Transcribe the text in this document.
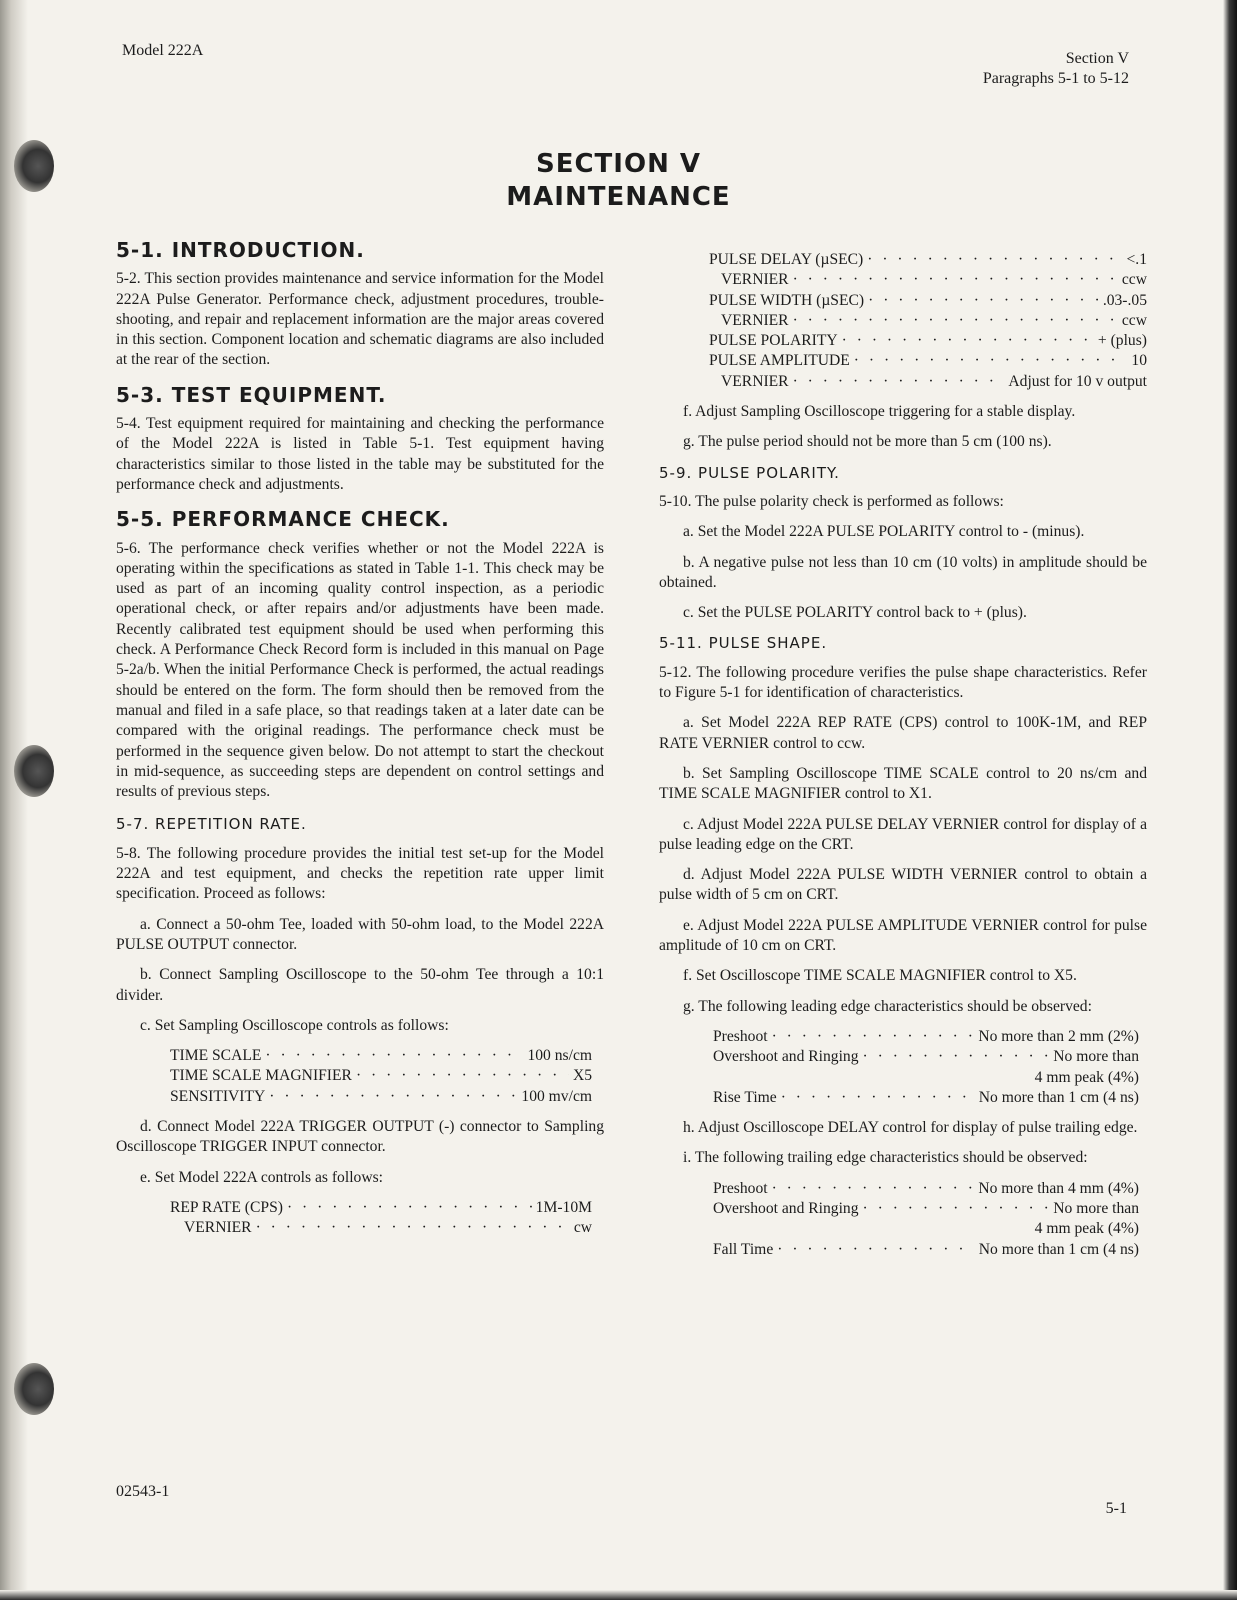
Model 222A	Section V
Paragraphs 5-1 to 5-12
SECTION V
MAINTENANCE
5-1. INTRODUCTION.

5-2. This section provides maintenance and service information for the Model 222A Pulse Generator. Performance check, adjustment procedures, trouble-shooting, and repair and replacement information are the major areas covered in this section. Component location and schematic diagrams are also included at the rear of the section.

5-3. TEST EQUIPMENT.

5-4. Test equipment required for maintaining and checking the performance of the Model 222A is listed in Table 5-1. Test equipment having characteristics similar to those listed in the table may be substituted for the performance check and adjustments.

5-5. PERFORMANCE CHECK.

5-6. The performance check verifies whether or not the Model 222A is operating within the specifications as stated in Table 1-1. This check may be used as part of an incoming quality control inspection, as a periodic operational check, or after repairs and/or adjustments have been made. Recently calibrated test equipment should be used when performing this check. A Performance Check Record form is included in this manual on Page 5-2a/b. When the initial Performance Check is performed, the actual readings should be entered on the form. The form should then be removed from the manual and filed in a safe place, so that readings taken at a later date can be compared with the original readings. The performance check must be performed in the sequence given below. Do not attempt to start the checkout in mid-sequence, as succeeding steps are dependent on control settings and results of previous steps.

5-7. REPETITION RATE.

5-8. The following procedure provides the initial test set-up for the Model 222A and test equipment, and checks the repetition rate upper limit specification. Proceed as follows:

a. Connect a 50-ohm Tee, loaded with 50-ohm load, to the Model 222A PULSE OUTPUT connector.

b. Connect Sampling Oscilloscope to the 50-ohm Tee through a 10:1 divider.

c. Set Sampling Oscilloscope controls as follows:

TIME SCALE · · ·	100 ns/cm
TIME SCALE MAGNIFIER · · ·	X5
SENSITIVITY · · ·	100 mv/cm

d. Connect Model 222A TRIGGER OUTPUT (-) connector to Sampling Oscilloscope TRIGGER INPUT connector.

e. Set Model 222A controls as follows:

REP RATE (CPS) · · ·	1M-10M
VERNIER · · ·	cw
PULSE DELAY (µSEC) · · ·	<.1
VERNIER · · ·	ccw
PULSE WIDTH (µSEC) · · ·	.03-.05
VERNIER · · ·	ccw
PULSE POLARITY · · ·	+ (plus)
PULSE AMPLITUDE · · ·	10
VERNIER · · ·	Adjust for 10 v output

f. Adjust Sampling Oscilloscope triggering for a stable display.

g. The pulse period should not be more than 5 cm (100 ns).

5-9. PULSE POLARITY.

5-10. The pulse polarity check is performed as follows:

a. Set the Model 222A PULSE POLARITY control to - (minus).

b. A negative pulse not less than 10 cm (10 volts) in amplitude should be obtained.

c. Set the PULSE POLARITY control back to + (plus).

5-11. PULSE SHAPE.

5-12. The following procedure verifies the pulse shape characteristics. Refer to Figure 5-1 for identification of characteristics.

a. Set Model 222A REP RATE (CPS) control to 100K-1M, and REP RATE VERNIER control to ccw.

b. Set Sampling Oscilloscope TIME SCALE control to 20 ns/cm and TIME SCALE MAGNIFIER control to X1.

c. Adjust Model 222A PULSE DELAY VERNIER control for display of a pulse leading edge on the CRT.

d. Adjust Model 222A PULSE WIDTH VERNIER control to obtain a pulse width of 5 cm on CRT.

e. Adjust Model 222A PULSE AMPLITUDE VERNIER control for pulse amplitude of 10 cm on CRT.

f. Set Oscilloscope TIME SCALE MAGNIFIER control to X5.

g. The following leading edge characteristics should be observed:

Preshoot · · ·	No more than 2 mm (2%)
Overshoot and Ringing · · ·	No more than
4 mm peak (4%)
Rise Time · · ·	No more than 1 cm (4 ns)

h. Adjust Oscilloscope DELAY control for display of pulse trailing edge.

i. The following trailing edge characteristics should be observed:

Preshoot · · ·	No more than 4 mm (4%)
Overshoot and Ringing · · ·	No more than
4 mm peak (4%)
Fall Time · · ·	No more than 1 cm (4 ns)
02543-1
5-1
